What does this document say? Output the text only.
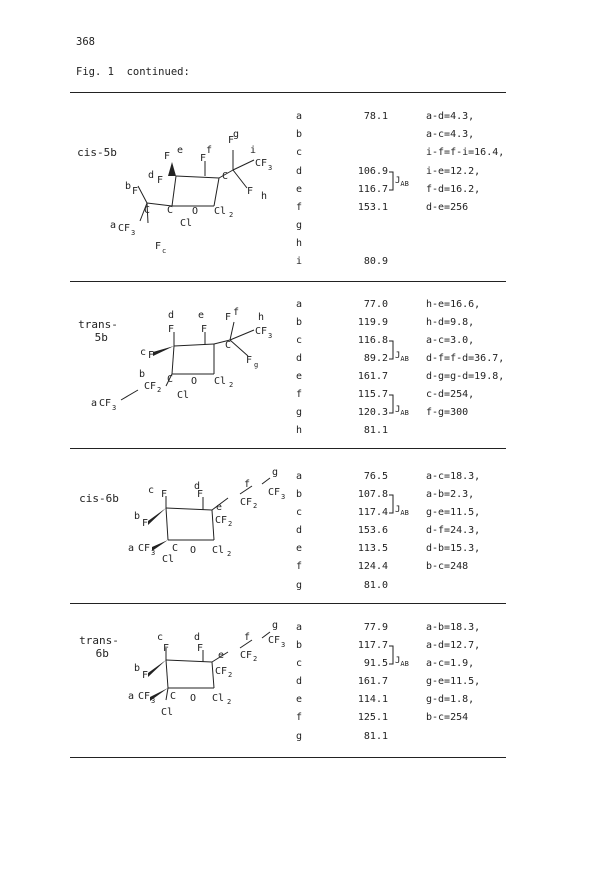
368
Fig. 1  continued:
cis-5b
a CF 3
b F
d F
F
e
F
f
F
g
i
CF 3
C
F h
C C O Cl 2
Cl
F c
a
b
c
d
e
f
g
h
i
78.1
106.9
116.7
153.1
80.9
$J_{AB}$
a-d=4.3,
a-c=4.3,
i-f=f-i=16.4,
i-e=12.2,
f-d=16.2,
d-e=256
trans-
5b
d
F
e
F
F f h
CF 3
C
F g
c F
b
CF 2
C O Cl 2
Cl
a CF 3
a
b
c
d
e
f
g
h
77.0
119.9
116.8
89.2
161.7
115.7
120.3
81.1
$J_{AB}$
$J_{AB}$
h-e=16.6,
h-d=9.8,
a-c=3.0,
d-f=f-d=36.7,
d-g=g-d=19.8,
c-d=254,
f-g=300
cis-6b
c F
d
F
f
g
CF 3
CF 2
e
CF 2
b
F
a CF 3 C O Cl 2
Cl
a
b
c
d
e
f
g
76.5
107.8
117.4
153.6
113.5
124.4
81.0
$J_{AB}$
a-c=18.3,
a-b=2.3,
g-e=11.5,
d-f=24.3,
d-b=15.3,
b-c=248
trans-
6b
c
F
d
F
f
g
CF 3
CF 2
e
CF 2
b
F
a CF 3 C O Cl 2
Cl
a
b
c
d
e
f
g
77.9
117.7
91.5
161.7
114.1
125.1
81.1
$J_{AB}$
a-b=18.3,
a-d=12.7,
a-c=1.9,
g-e=11.5,
g-d=1.8,
b-c=254
